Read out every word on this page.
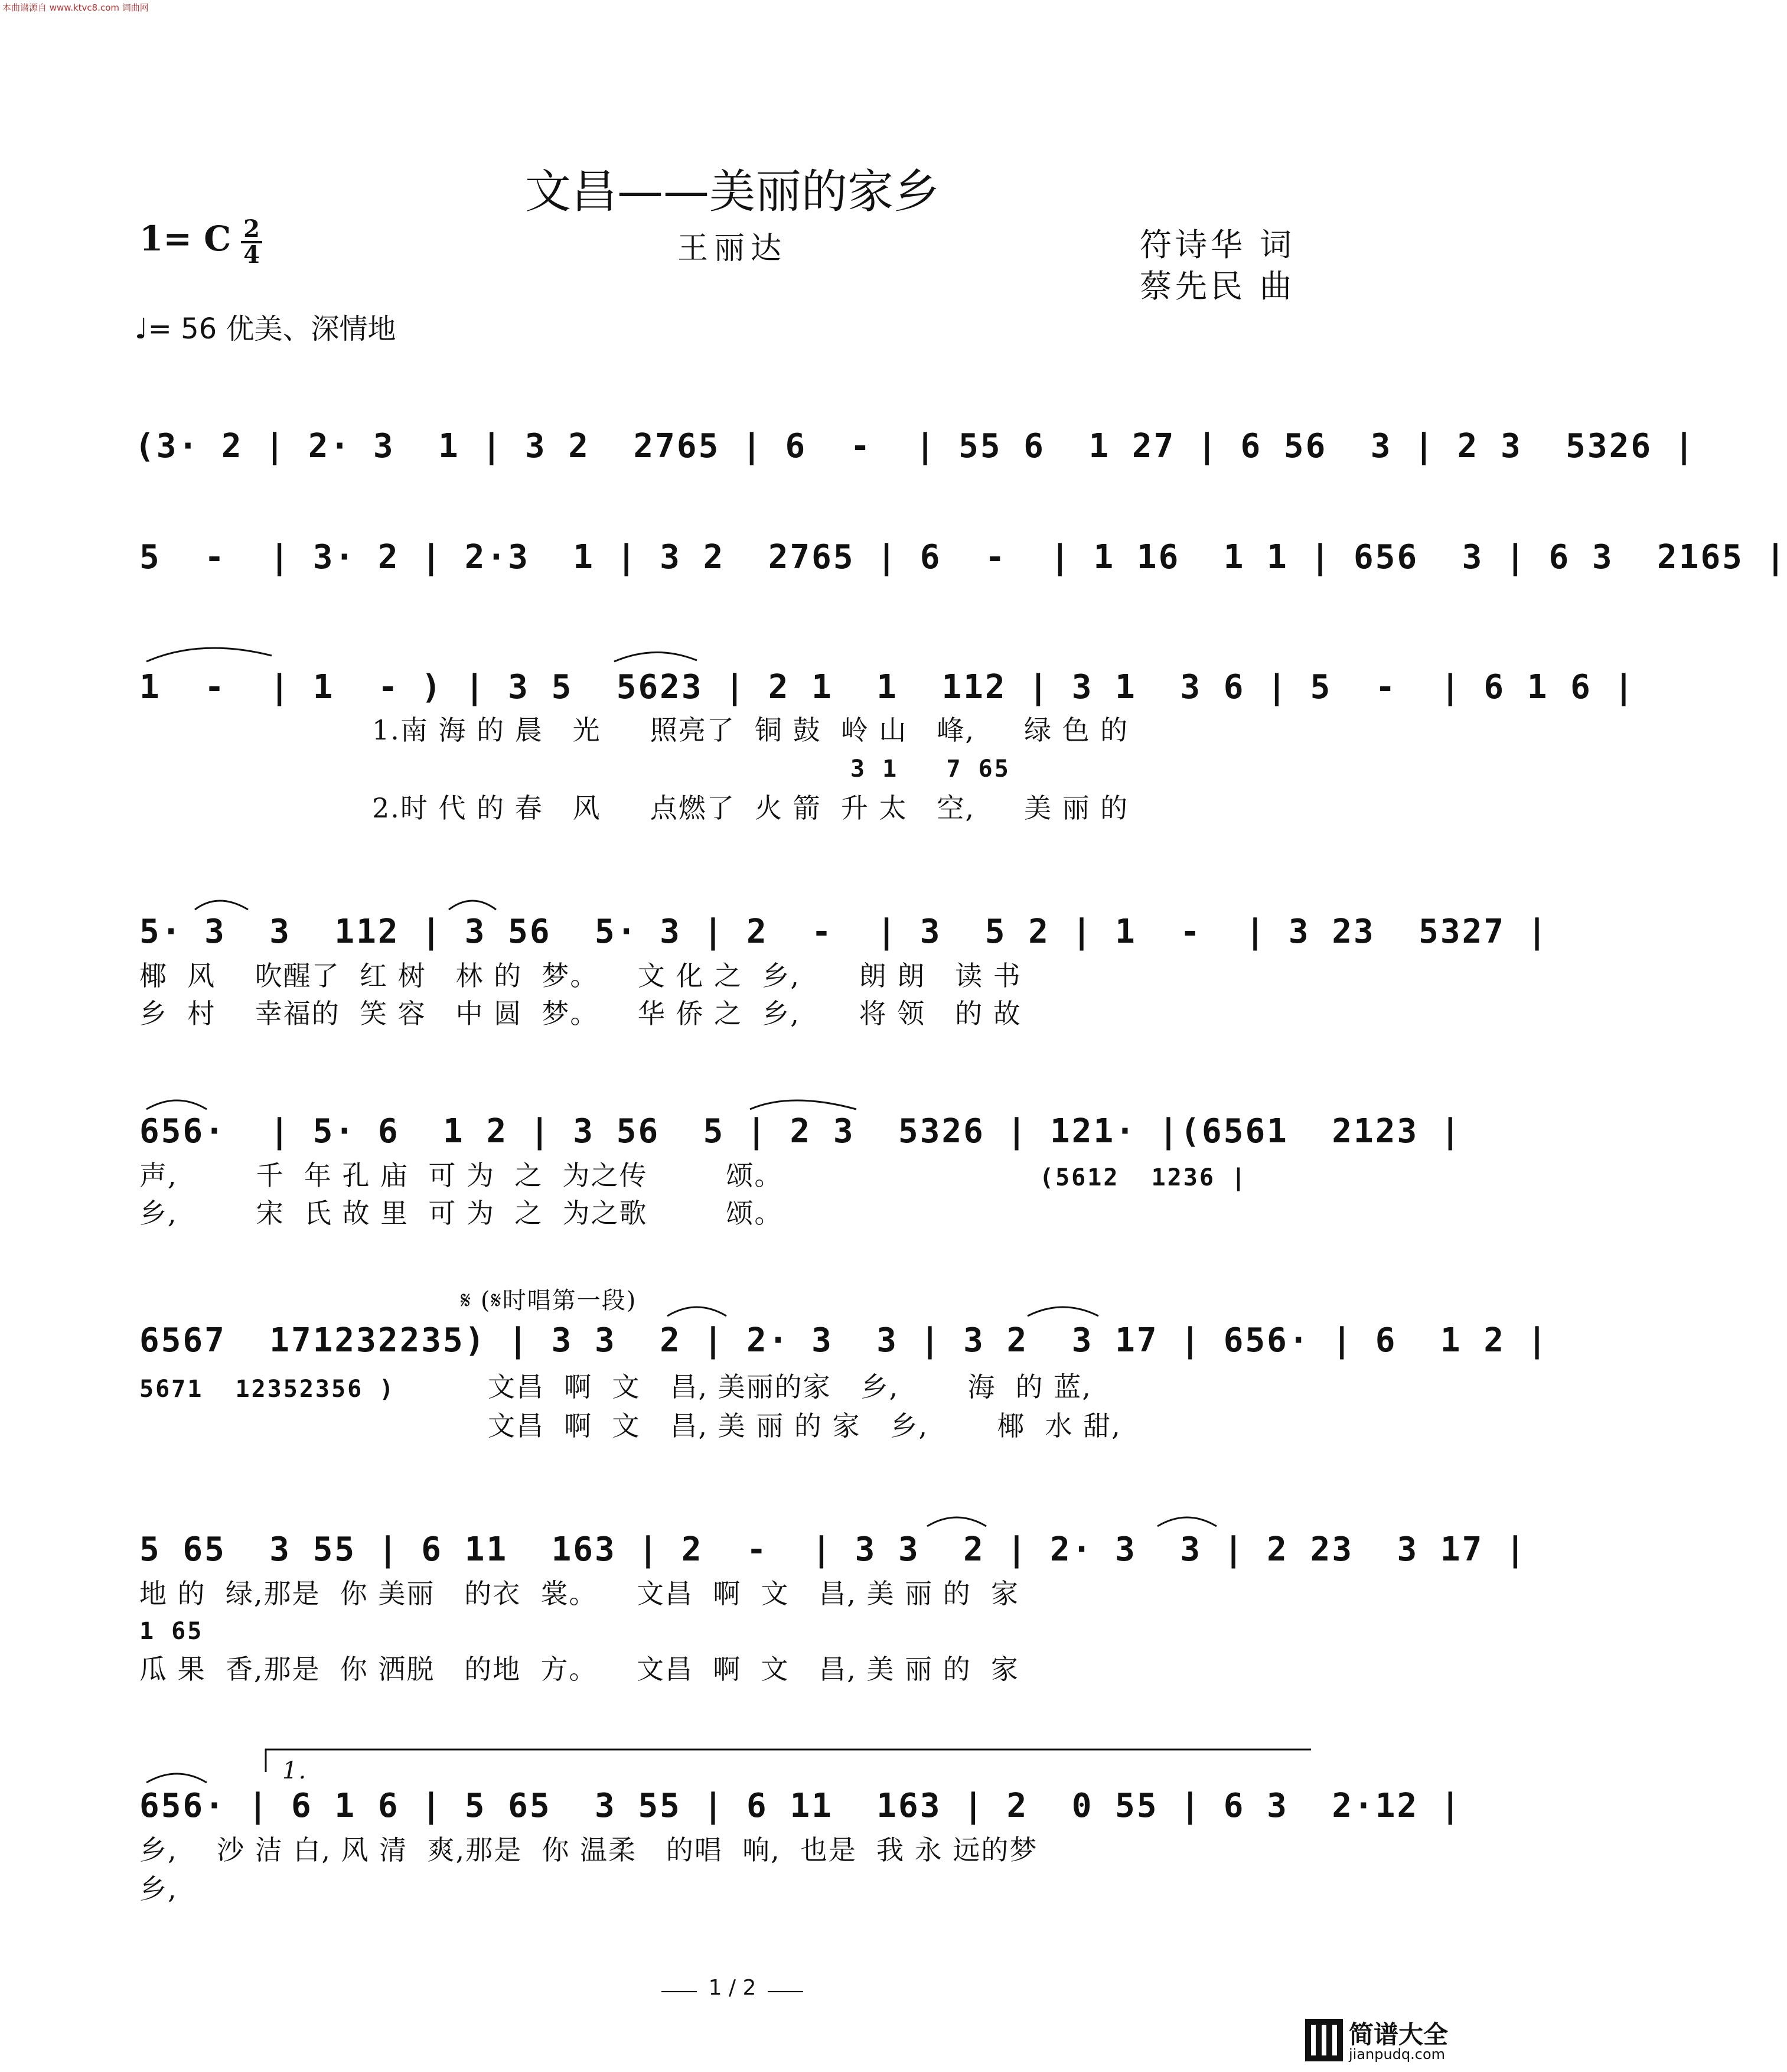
本曲谱源自 www.ktvc8.com 词曲网
文昌——美丽的家乡
王丽达	符诗华 词
蔡先民 曲
1= C 2
4
♩= 56 优美、深情地
(3· 2 | 2· 3  1 | 3 2  2765 | 6  -  | 55 6  1 27 | 6 56  3 | 2 3  5326 |
5  -  | 3· 2 | 2·3  1 | 3 2  2765 | 6  -  | 1 16  1 1 | 656  3 | 6 3  2165 |
1  -  | 1  - ) | 3 5  5623 | 2 1  1  112 | 3 1  3 6 | 5  -  | 6 1 6 |
1.南 海 的 晨   光     照亮了  铜 鼓  岭 山   峰,     绿 色 的
3 1   7 65
2.时 代 的 春   风     点燃了  火 箭  升 太   空,     美 丽 的
5· 3  3  112 | 3 56  5· 3 | 2  -  | 3  5 2 | 1  -  | 3 23  5327 |
椰  风    吹醒了  红 树   林 的  梦。    文 化 之  乡,      朗 朗   读 书
乡  村    幸福的  笑 容   中 圆  梦。    华 侨 之  乡,      将 领   的 故
656·  | 5· 6  1 2 | 3 56  5 | 2 3  5326 | 121· |(6561  2123 |
声,        千  年 孔 庙  可 为  之  为之传        颂。	(5612  1236 |
乡,        宋  氏 故 里  可 为  之  为之歌        颂。
𝄋 (𝄋时唱第一段)
6567  171232235) | 3 3  2 | 2· 3  3 | 3 2  3 17 | 656· | 6  1 2 |
5671  12352356 )	文昌  啊  文   昌, 美丽的家   乡,       海  的 蓝,
文昌  啊  文   昌, 美 丽 的 家   乡,       椰  水 甜,
5 65  3 55 | 6 11  163 | 2  -  | 3 3  2 | 2· 3  3 | 2 23  3 17 |
地 的  绿,那是  你 美丽   的衣  裳。    文昌  啊  文   昌, 美 丽 的  家
1 65
瓜 果  香,那是  你 洒脱   的地  方。    文昌  啊  文   昌, 美 丽 的  家
1.
656· | 6 1 6 | 5 65  3 55 | 6 11  163 | 2  0 55 | 6 3  2·12 |
乡,    沙 洁 白, 风 清  爽,那是  你 温柔   的唱  响,  也是  我 永 远的梦
乡,
1 / 2
简谱大全
jianpudq.com
